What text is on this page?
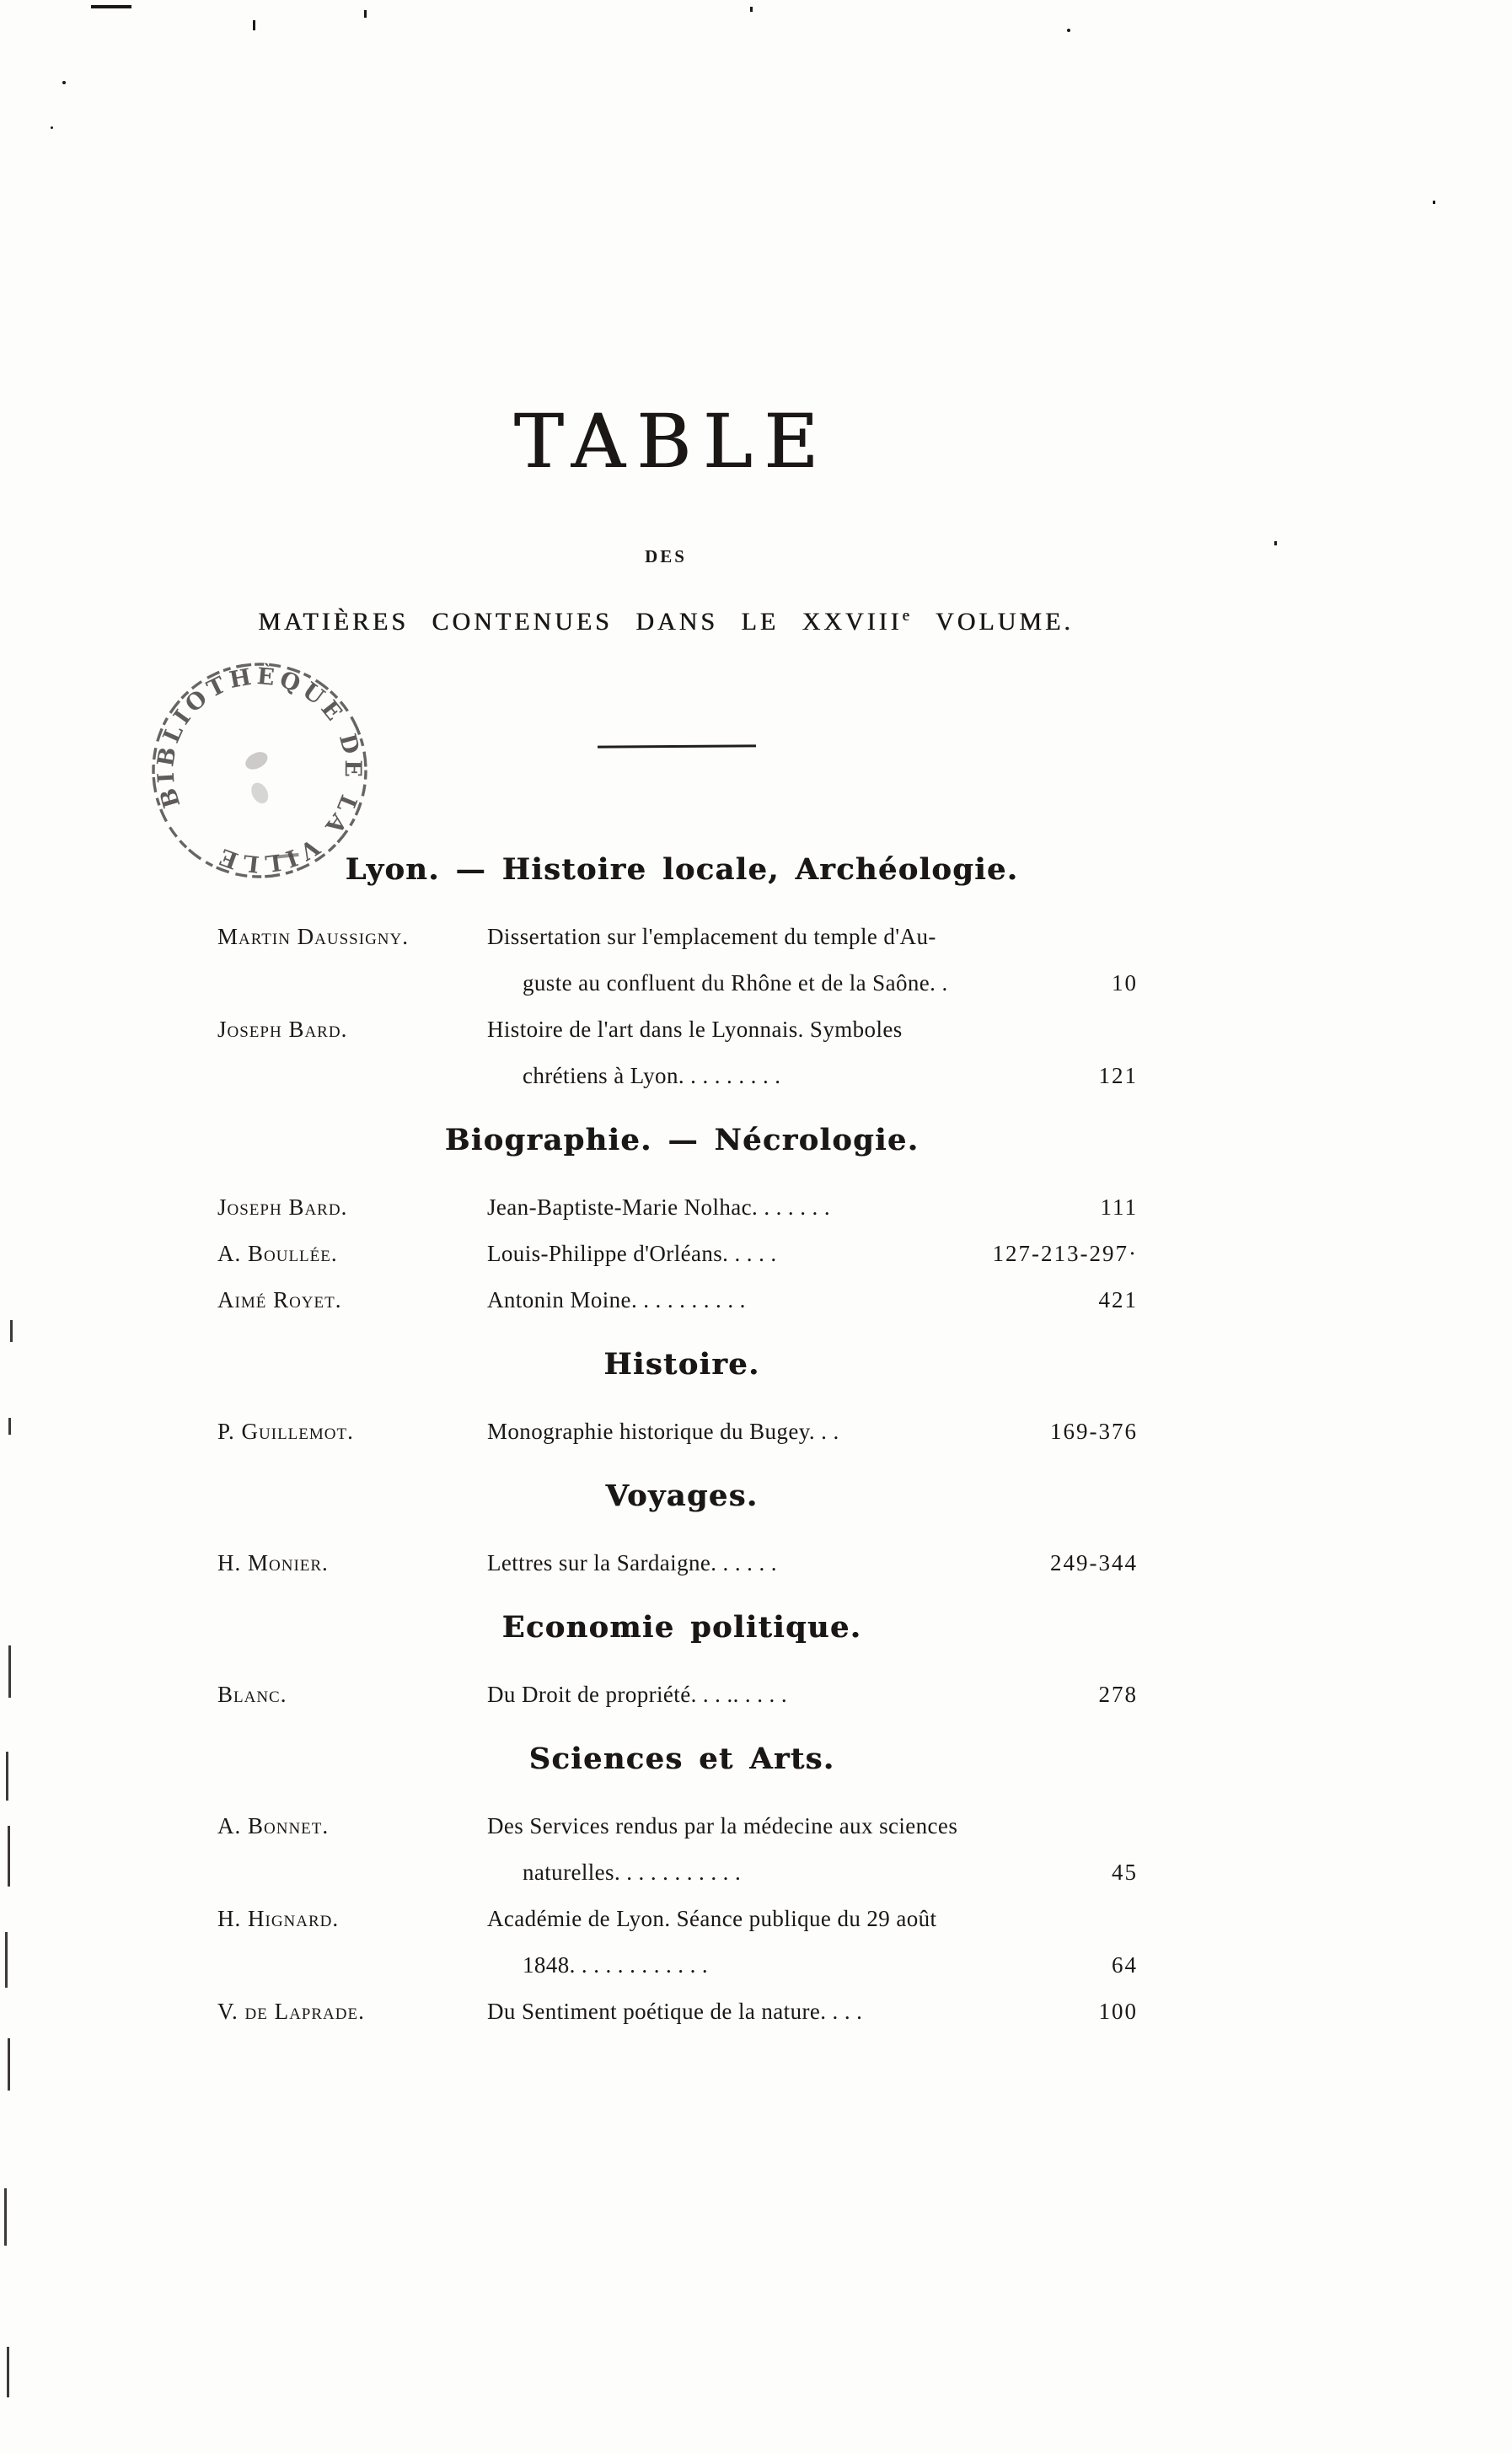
TABLE
DES
MATIÈRES CONTENUES DANS LE XXVIIIe VOLUME.
BIBLIOTHÈQUE DE LA VILLE	Lyon. — Histoire locale, Archéologie.
Martin Daussigny.	Dissertation sur l'emplacement du temple d'Au-
guste au confluent du Rhône et de la Saône. .	10
Joseph Bard.	Histoire de l'art dans le Lyonnais. Symboles
chrétiens à Lyon. . . . . . . . .	121
Biographie. — Nécrologie.
Joseph Bard.	Jean-Baptiste-Marie Nolhac. . . . . . .	111
A. Boullée.	Louis-Philippe d'Orléans. . . . .	127-213-297·
Aimé Royet.	Antonin Moine. . . . . . . . . .	421
Histoire.
P. Guillemot.	Monographie historique du Bugey. . .	169-376
Voyages.
H. Monier.	Lettres sur la Sardaigne. . . . . .	249-344
Economie politique.
Blanc.	Du Droit de propriété. . . .. . . . .	278
Sciences et Arts.
A. Bonnet.	Des Services rendus par la médecine aux sciences
naturelles. . . . . . . . . . .	45
H. Hignard.	Académie de Lyon. Séance publique du 29 août
1848. . . . . . . . . . . .	64
V. de Laprade.	Du Sentiment poétique de la nature. . . .	100
